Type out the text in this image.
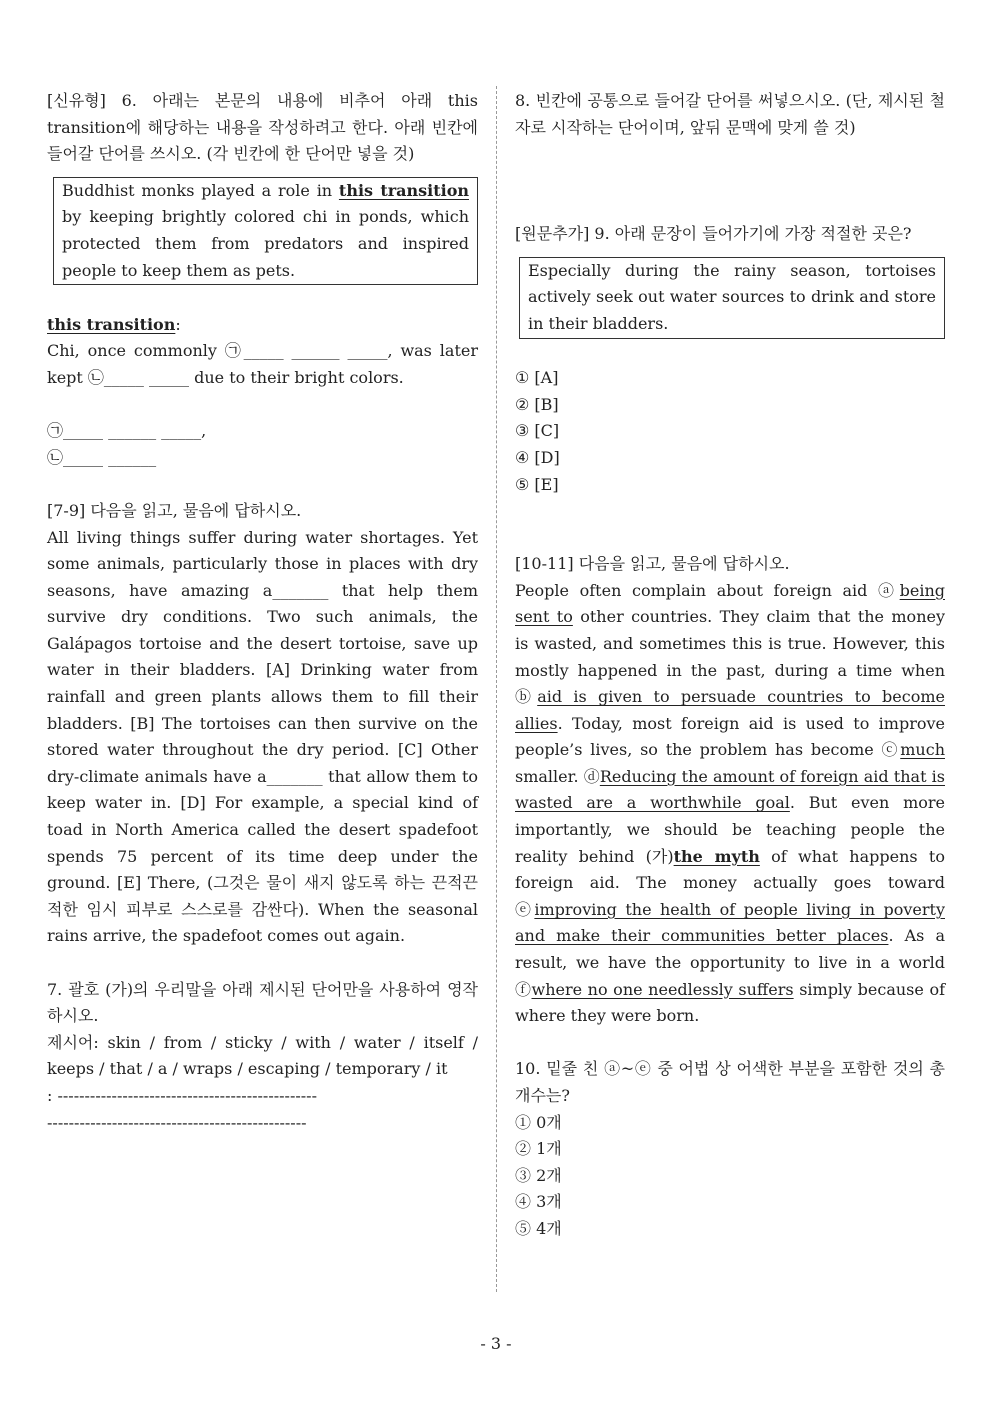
[신유형] 6. 아래는 본문의 내용에 비추어 아래 this transition에 해당하는 내용을 작성하려고 한다. 아래 빈칸에 들어갈 단어를 쓰시오. (각 빈칸에 한 단어만 넣을 것)

Buddhist monks played a role in this transition by keeping brightly colored chi in ponds, which protected them from predators and inspired people to keep them as pets.

this transition:

Chi, once commonly ㉠_____ ______ _____, was later kept ㉡_____ _____ due to their bright colors.

㉠_____ ______ _____,

㉡_____ ______

[7-9] 다음을 읽고, 물음에 답하시오.

All living things suffer during water shortages. Yet some animals, particularly those in places with dry seasons, have amazing a_______ that help them survive dry conditions. Two such animals, the Galápagos tortoise and the desert tortoise, save up water in their bladders. [A] Drinking water from rainfall and green plants allows them to fill their bladders. [B] The tortoises can then survive on the stored water throughout the dry period. [C] Other dry-climate animals have a_______ that allow them to keep water in. [D] For example, a special kind of toad in North America called the desert spadefoot spends 75 percent of its time deep under the ground. [E] There, (그것은 물이 새지 않도록 하는 끈적끈적한 임시 피부로 스스로를 감싼다). When the seasonal rains arrive, the spadefoot comes out again.

7. 괄호 (가)의 우리말을 아래 제시된 단어만을 사용하여 영작하시오.

제시어: skin / from / sticky / with / water / itself / keeps / that / a / wraps / escaping / temporary / it

: ------------------------------------------------

------------------------------------------------

8. 빈칸에 공통으로 들어갈 단어를 써넣으시오. (단, 제시된 철자로 시작하는 단어이며, 앞뒤 문맥에 맞게 쓸 것)

[원문추가] 9. 아래 문장이 들어가기에 가장 적절한 곳은?

Especially during the rainy season, tortoises actively seek out water sources to drink and store in their bladders.
① [A]
② [B]
③ [C]
④ [D]
⑤ [E]

[10-11] 다음을 읽고, 물음에 답하시오.

People often complain about foreign aid ⓐbeing sent to other countries. They claim that the money is wasted, and sometimes this is true. However, this mostly happened in the past, during a time when ⓑaid is given to persuade countries to become allies. Today, most foreign aid is used to improve people’s lives, so the problem has become ⓒmuch smaller. ⓓReducing the amount of foreign aid that is wasted are a worthwhile goal. But even more importantly, we should be teaching people the reality behind (가)the myth of what happens to foreign aid. The money actually goes toward ⓔimproving the health of people living in poverty and make their communities better places. As a result, we have the opportunity to live in a world ⓕwhere no one needlessly suffers simply because of where they were born.

10. 밑줄 친 ⓐ~ⓔ 중 어법 상 어색한 부분을 포함한 것의 총 개수는?

① 0개
② 1개
③ 2개
④ 3개
⑤ 4개
- 3 -
